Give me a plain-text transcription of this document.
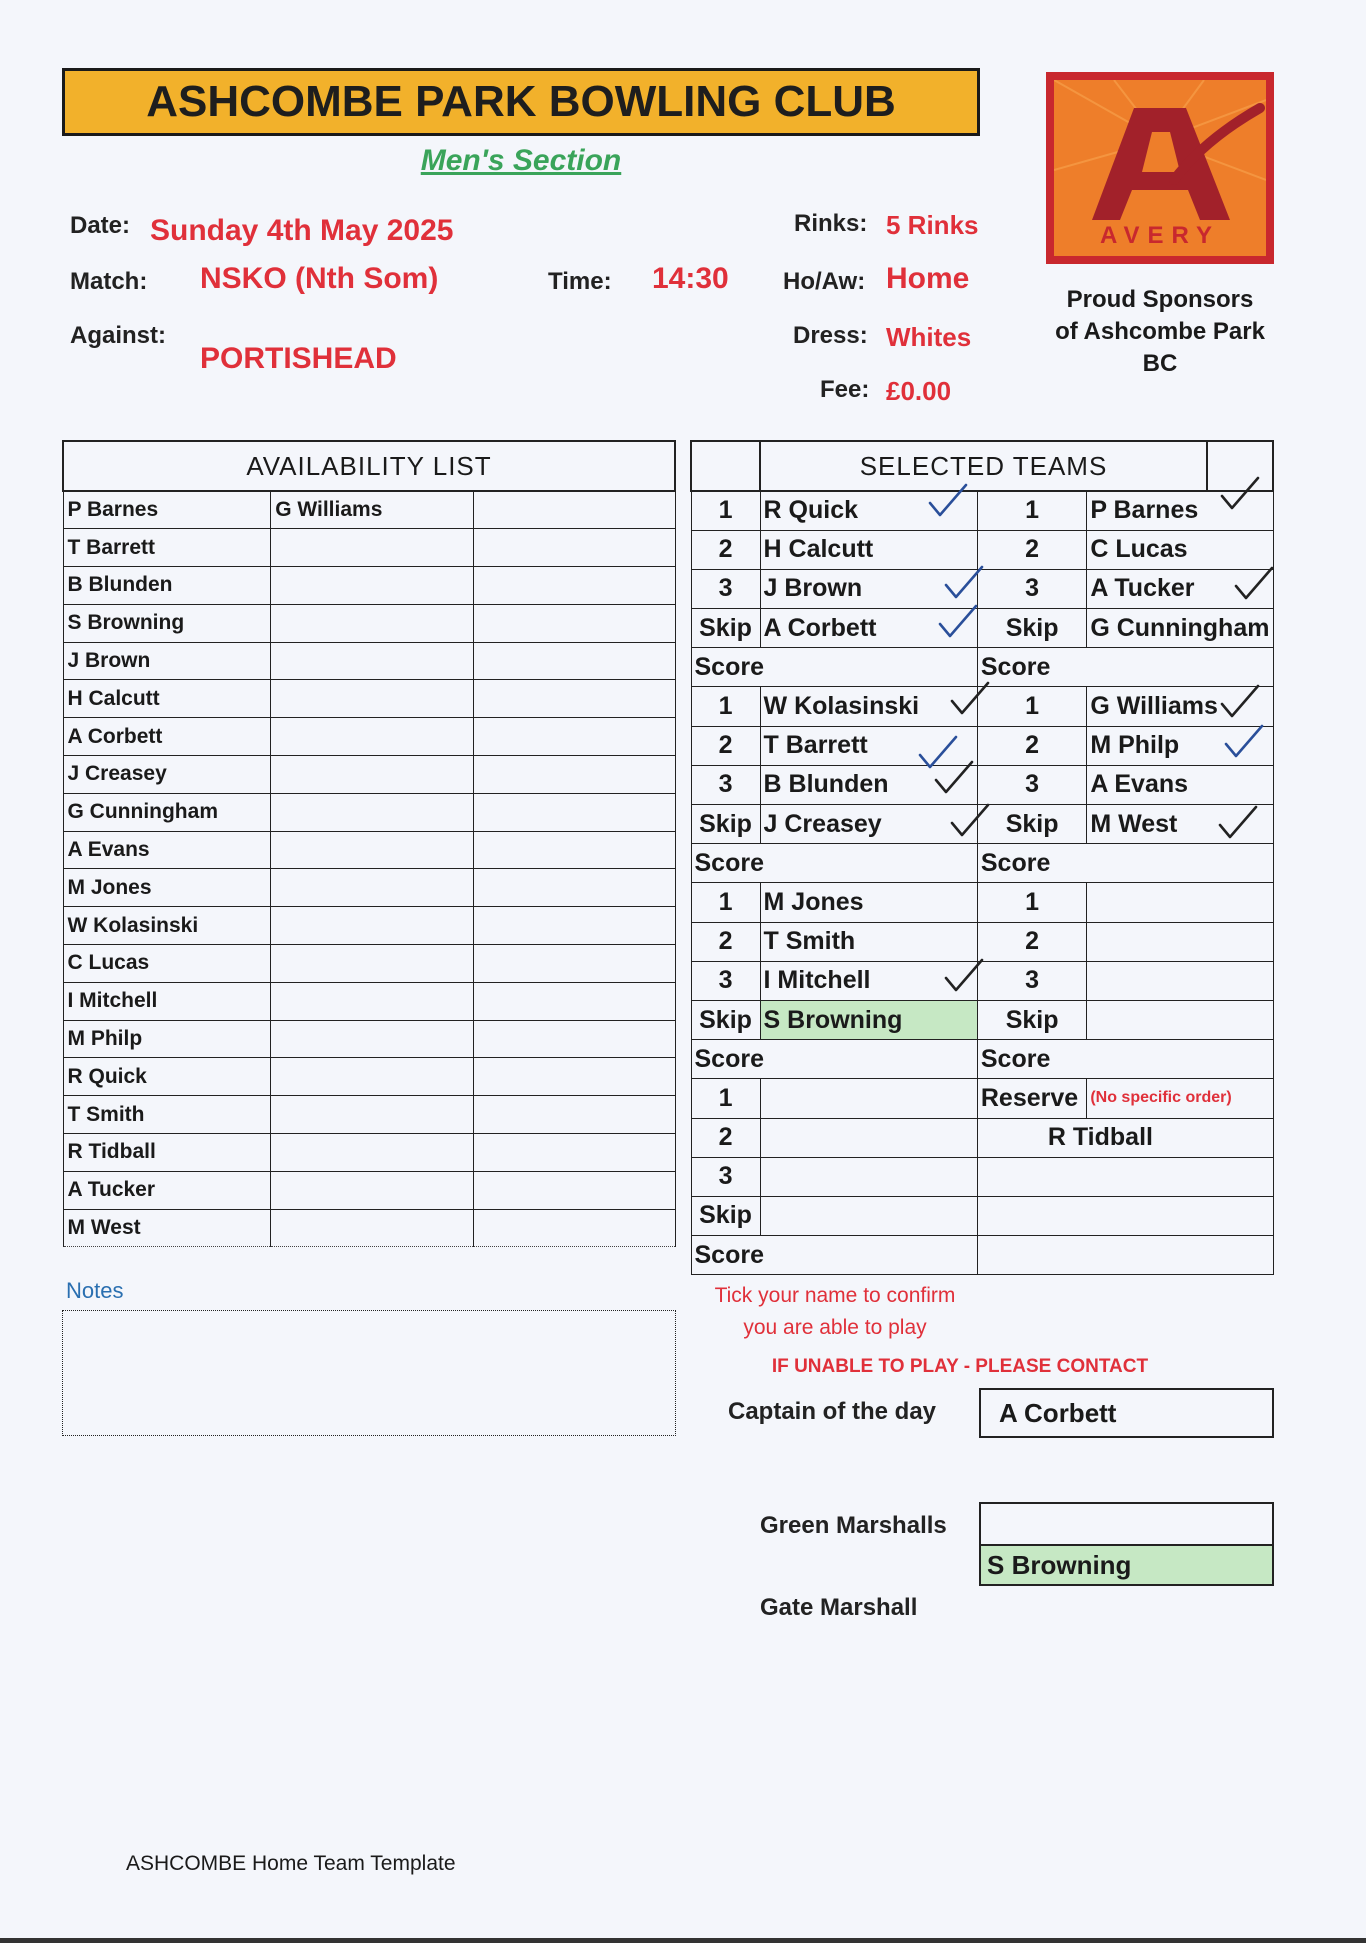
ASHCOMBE PARK BOWLING CLUB
Men's Section
AVERY
Proud Sponsors
of Ashcombe Park
BC
Date: Sunday 4th May 2025
Match: NSKO (Nth Som)	Time: 14:30
Against:
PORTISHEAD
Rinks: 5 Rinks
Ho/Aw: Home
Dress: Whites
Fee: £0.00
AVAILABILITY LIST		
P Barnes	G Williams	
T Barrett		
B Blunden		
S Browning		
J Brown		
H Calcutt		
A Corbett		
J Creasey		
G Cunningham		
A Evans		
M Jones		
W Kolasinski		
C Lucas		
I Mitchell		
M Philp		
R Quick		
T Smith		
R Tidball		
A Tucker		
M West		
Notes
	SELECTED TEAMS			
1	R Quick	1	P Barnes	
2	H Calcutt	2	C Lucas	
3	J Brown	3	A Tucker	
Skip	A Corbett	Skip	G Cunningham	
Score		Score		
1	W Kolasinski	1	G Williams	
2	T Barrett	2	M Philp	
3	B Blunden	3	A Evans	
Skip	J Creasey	Skip	M West	
Score		Score		
1	M Jones	1		
2	T Smith	2		
3	I Mitchell	3		
Skip	S Browning	Skip		
Score		Score		
1		Reserve	(No specific order)	
2		R Tidball		
3				
Skip				
Score				
Tick your name to confirm
you are able to play
IF UNABLE TO PLAY - PLEASE CONTACT
Captain of the day	A Corbett
Green Marshalls
S Browning
Gate Marshall
ASHCOMBE Home Team Template
